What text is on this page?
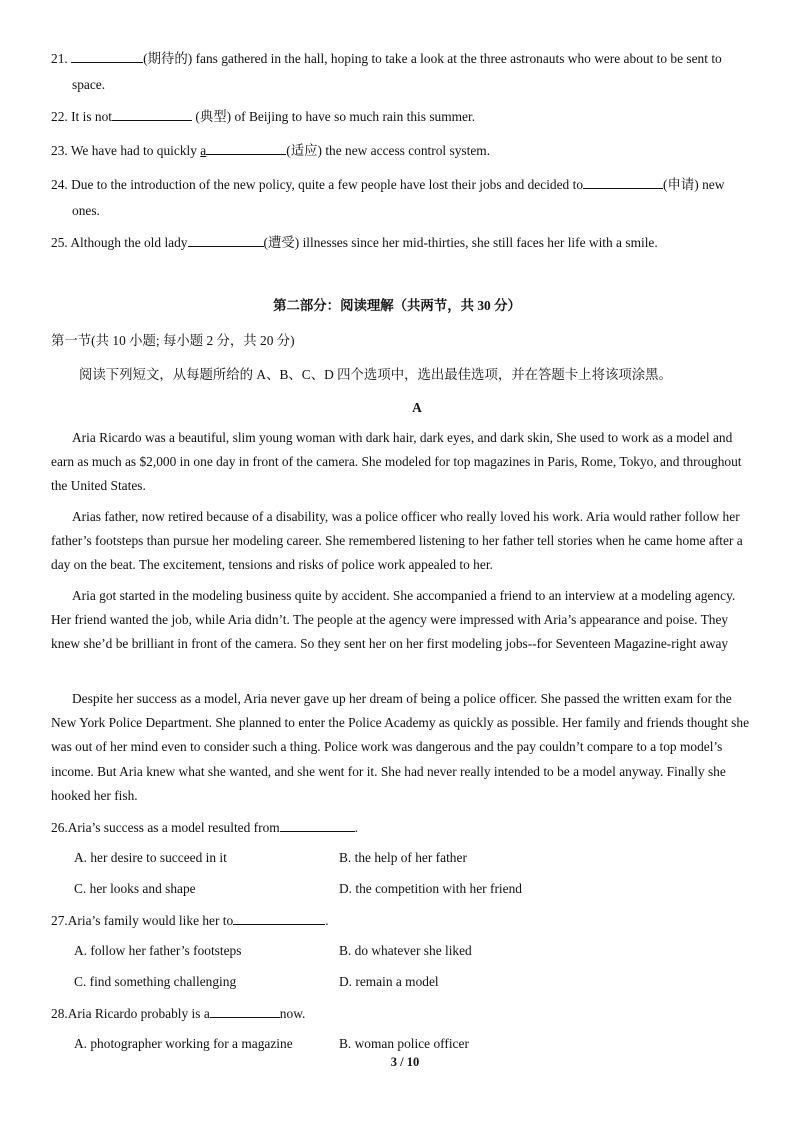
21.	(期待的) fans gathered in the hall, hoping to take a look at the three astronauts who were about to be sent to
space.
22. It is not	(典型) of Beijing to have so much rain this summer.
23. We have had to quickly a	(适应) the new access control system.
24. Due to the introduction of the new policy, quite a few people have lost their jobs and decided to	(申请) new
ones.
25. Although the old lady	(遭受) illnesses since her mid-thirties, she still faces her life with a smile.
第二部分：阅读理解（共两节，共 30 分）
第一节(共 10 小题; 每小题 2 分，共 20 分)
阅读下列短文，从每题所给的 A、B、C、D 四个选项中，选出最佳选项，并在答题卡上将该项涂黑。
A
Aria Ricardo was a beautiful, slim young woman with dark hair, dark eyes, and dark skin, She used to work as a model and earn as much as $2,000 in one day in front of the camera. She modeled for top magazines in Paris, Rome, Tokyo, and throughout the United States.
Arias father, now retired because of a disability, was a police officer who really loved his work. Aria would rather follow her father’s footsteps than pursue her modeling career. She remembered listening to her father tell stories when he came home after a day on the beat. The excitement, tensions and risks of police work appealed to her.
Aria got started in the modeling business quite by accident. She accompanied a friend to an interview at a modeling agency. Her friend wanted the job, while Aria didn’t. The people at the agency were impressed with Aria’s appearance and poise. They knew she’d be brilliant in front of the camera. So they sent her on her first modeling jobs--for Seventeen Magazine-right away
Despite her success as a model, Aria never gave up her dream of being a police officer. She passed the written exam for the New York Police Department. She planned to enter the Police Academy as quickly as possible. Her family and friends thought she was out of her mind even to consider such a thing. Police work was dangerous and the pay couldn’t compare to a top model’s income. But Aria knew what she wanted, and she went for it. She had never really intended to be a model anyway. Finally she hooked her fish.
26.Aria’s success as a model resulted from	.
A. her desire to succeed in it	B. the help of her father
C. her looks and shape	D. the competition with her friend
27.Aria’s family would like her to	.
A. follow her father’s footsteps	B. do whatever she liked
C. find something challenging	D. remain a model
28.Aria Ricardo probably is a	now.
A. photographer working for a magazine	B. woman police officer
3 / 10
